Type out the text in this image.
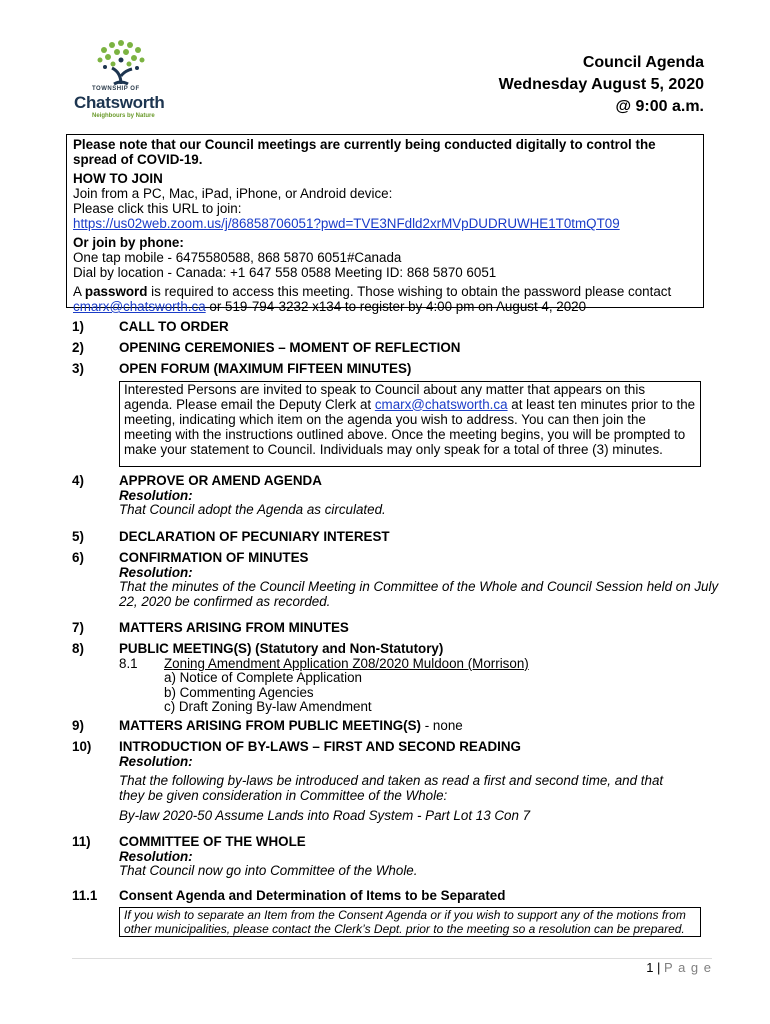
TOWNSHIP OF
Chatsworth
Neighbours by Nature
Council Agenda
Wednesday August 5, 2020
@ 9:00 a.m.

Please note that our Council meetings are currently being conducted digitally to control the spread of COVID-19.

HOW TO JOIN

Join from a PC, Mac, iPad, iPhone, or Android device:

Please click this URL to join:

https://us02web.zoom.us/j/86858706051?pwd=TVE3NFdld2xrMVpDUDRUWHE1T0tmQT09

Or join by phone:

One tap mobile - 6475580588, 868 5870 6051#Canada

Dial by location - Canada: +1 647 558 0588 Meeting ID: 868 5870 6051

A password is required to access this meeting. Those wishing to obtain the password please contact cmarx@chatsworth.ca or 519-794-3232 x134 to register by 4:00 pm on August 4, 2020

1)	CALL TO ORDER
2)	OPENING CEREMONIES – MOMENT OF REFLECTION
3)	OPEN FORUM (MAXIMUM FIFTEEN MINUTES)
Interested Persons are invited to speak to Council about any matter that appears on this agenda. Please email the Deputy Clerk at cmarx@chatsworth.ca at least ten minutes prior to the meeting, indicating which item on the agenda you wish to address. You can then join the meeting with the instructions outlined above. Once the meeting begins, you will be prompted to make your statement to Council. Individuals may only speak for a total of three (3) minutes.
4)	APPROVE OR AMEND AGENDA
Resolution:
That Council adopt the Agenda as circulated.
5)	DECLARATION OF PECUNIARY INTEREST
6)	CONFIRMATION OF MINUTES
Resolution:
That the minutes of the Council Meeting in Committee of the Whole and Council Session held on July 22, 2020 be confirmed as recorded.
7)	MATTERS ARISING FROM MINUTES
8)	PUBLIC MEETING(S) (Statutory and Non-Statutory)
8.1 Zoning Amendment Application Z08/2020 Muldoon (Morrison)
a) Notice of Complete Application
b) Commenting Agencies
c) Draft Zoning By-law Amendment
9)	MATTERS ARISING FROM PUBLIC MEETING(S) - none
10) INTRODUCTION OF BY-LAWS – FIRST AND SECOND READING
Resolution:
That the following by-laws be introduced and taken as read a first and second time, and that they be given consideration in Committee of the Whole:
By-law 2020-50 Assume Lands into Road System - Part Lot 13 Con 7
11) COMMITTEE OF THE WHOLE
Resolution:
That Council now go into Committee of the Whole.
11.1 Consent Agenda and Determination of Items to be Separated
If you wish to separate an Item from the Consent Agenda or if you wish to support any of the motions from other municipalities, please contact the Clerk’s Dept. prior to the meeting so a resolution can be prepared.
1 | P a g e
